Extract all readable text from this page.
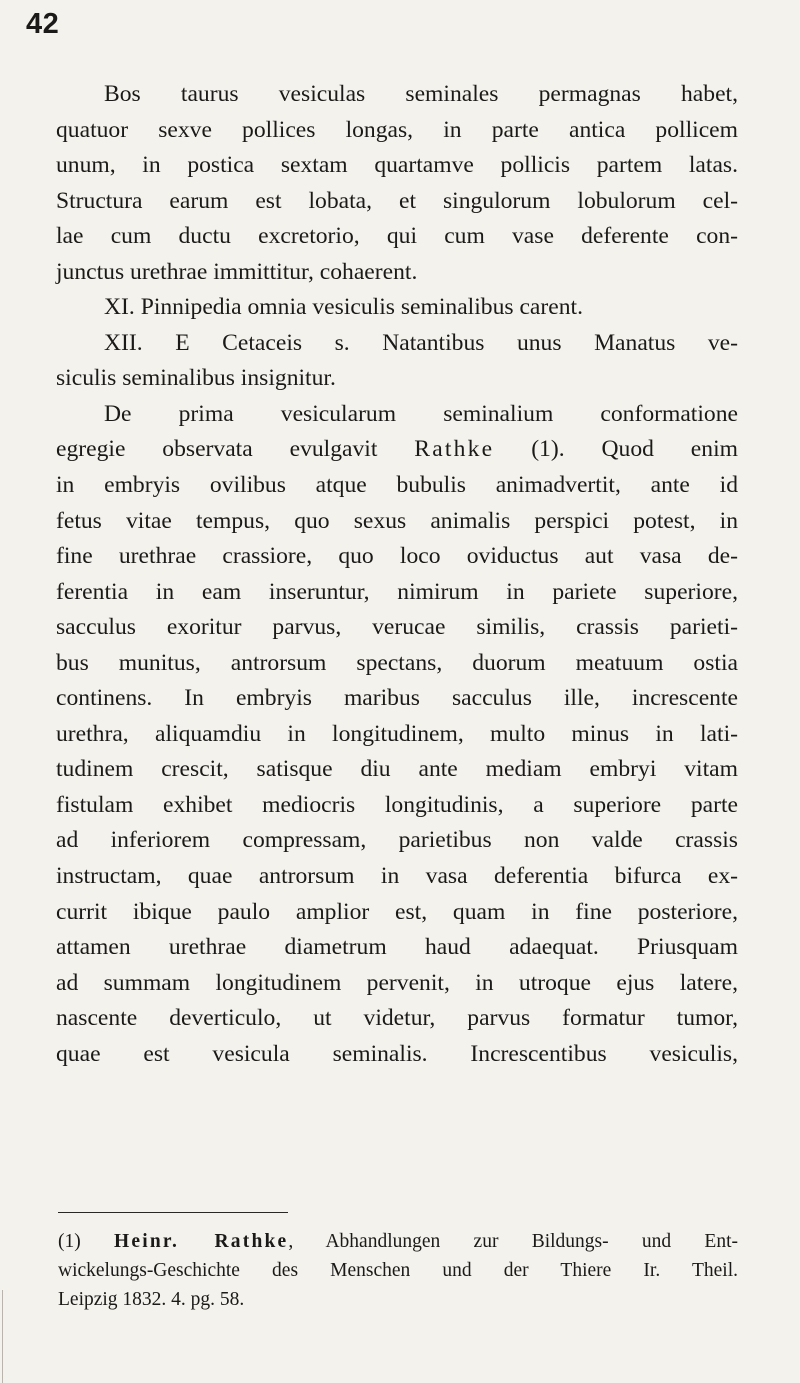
42
Bos taurus vesiculas seminales permagnas habet,
quatuor sexve pollices longas, in parte antica pollicem
unum, in postica sextam quartamve pollicis partem latas.
Structura earum est lobata, et singulorum lobulorum cel-
lae cum ductu excretorio, qui cum vase deferente con-
junctus urethrae immittitur, cohaerent.
XI. Pinnipedia omnia vesiculis seminalibus carent.
XII. E Cetaceis s. Natantibus unus Manatus ve-
siculis seminalibus insignitur.
De prima vesicularum seminalium conformatione
egregie observata evulgavit Rathke (1). Quod enim
in embryis ovilibus atque bubulis animadvertit, ante id
fetus vitae tempus, quo sexus animalis perspici potest, in
fine urethrae crassiore, quo loco oviductus aut vasa de-
ferentia in eam inseruntur, nimirum in pariete superiore,
sacculus exoritur parvus, verucae similis, crassis parieti-
bus munitus, antrorsum spectans, duorum meatuum ostia
continens. In embryis maribus sacculus ille, increscente
urethra, aliquamdiu in longitudinem, multo minus in lati-
tudinem crescit, satisque diu ante mediam embryi vitam
fistulam exhibet mediocris longitudinis, a superiore parte
ad inferiorem compressam, parietibus non valde crassis
instructam, quae antrorsum in vasa deferentia bifurca ex-
currit ibique paulo amplior est, quam in fine posteriore,
attamen urethrae diametrum haud adaequat. Priusquam
ad summam longitudinem pervenit, in utroque ejus latere,
nascente deverticulo, ut videtur, parvus formatur tumor,
quae est vesicula seminalis. Increscentibus vesiculis,
(1) Heinr. Rathke, Abhandlungen zur Bildungs- und Ent-
wickelungs-Geschichte des Menschen und der Thiere Ir. Theil.
Leipzig 1832. 4. pg. 58.
